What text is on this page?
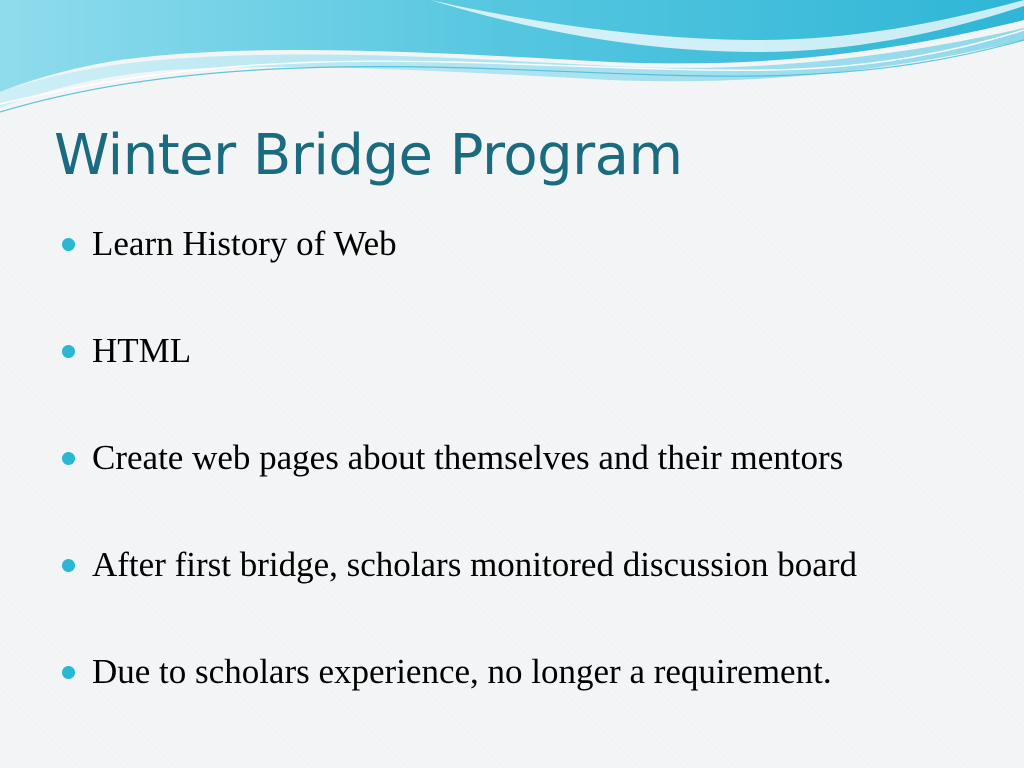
Winter Bridge Program
Learn History of Web
HTML
Create web pages about themselves and their mentors
After first bridge, scholars monitored discussion board
Due to scholars experience, no longer a requirement.
